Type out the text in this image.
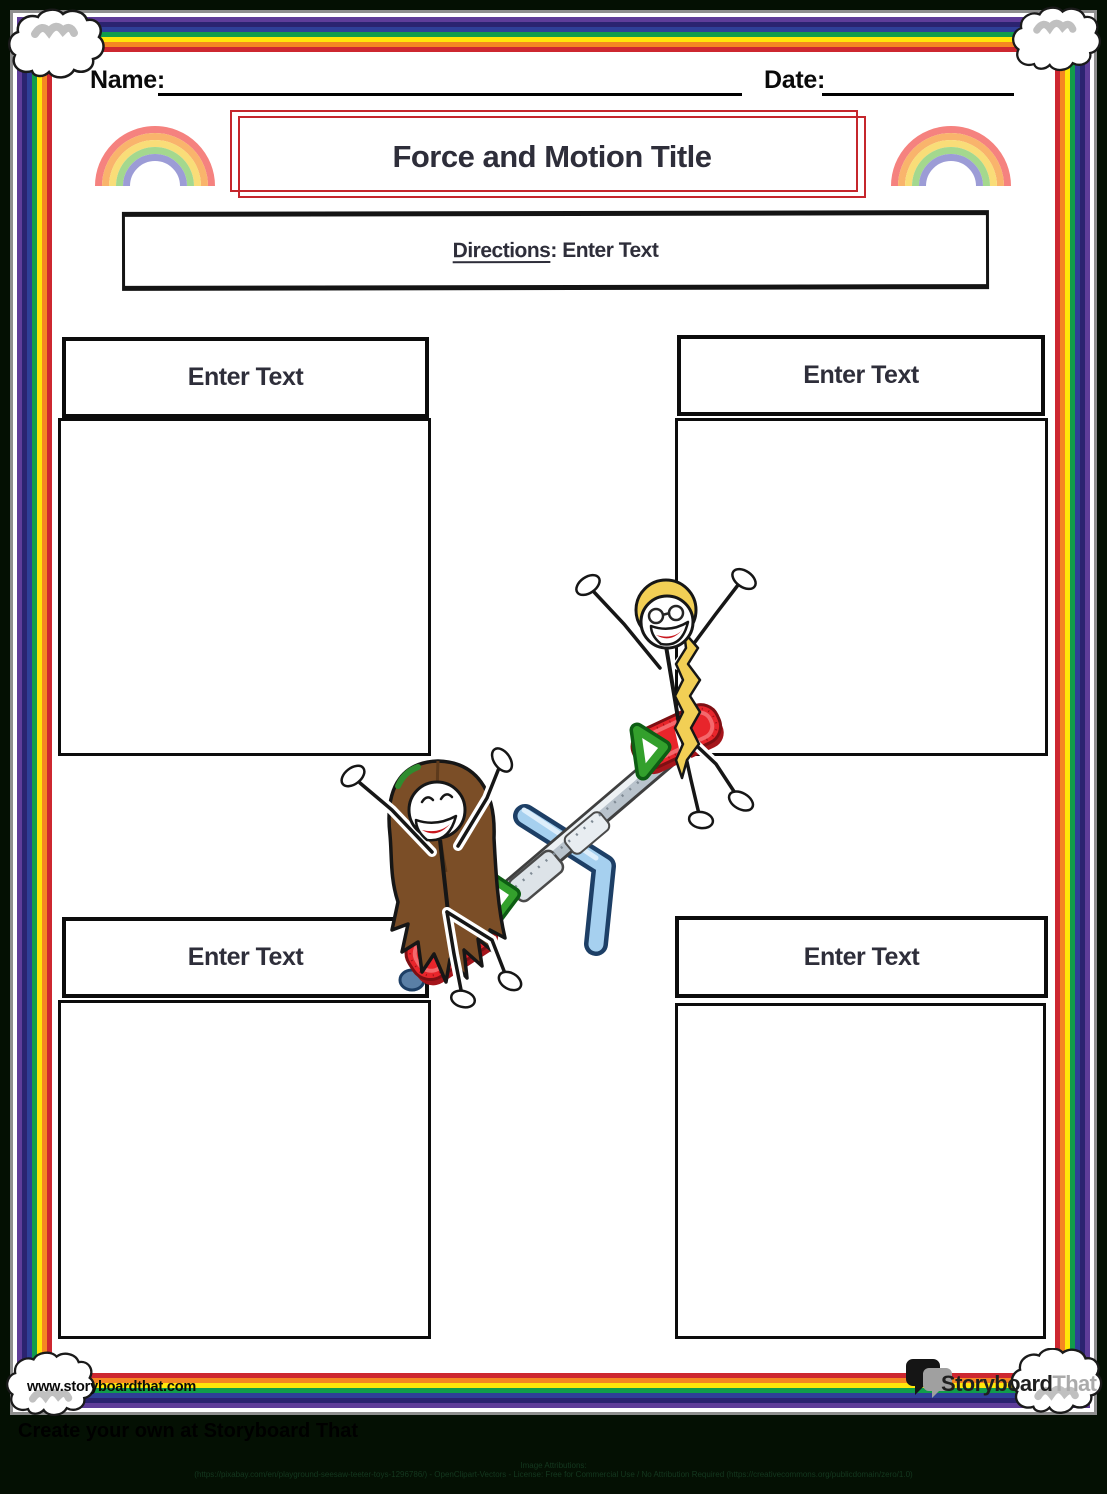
Name:	Date:
Force and Motion Title
Directions: Enter Text
Enter Text	Enter Text
Enter Text	Enter Text
www.storyboardthat.com	StoryboardThat
Create your own at Storyboard That
Image Attributions:
(https://pixabay.com/en/playground-seesaw-teeter-toys-1296786/) - OpenClipart-Vectors - License: Free for Commercial Use / No Attribution Required (https://creativecommons.org/publicdomain/zero/1.0)
